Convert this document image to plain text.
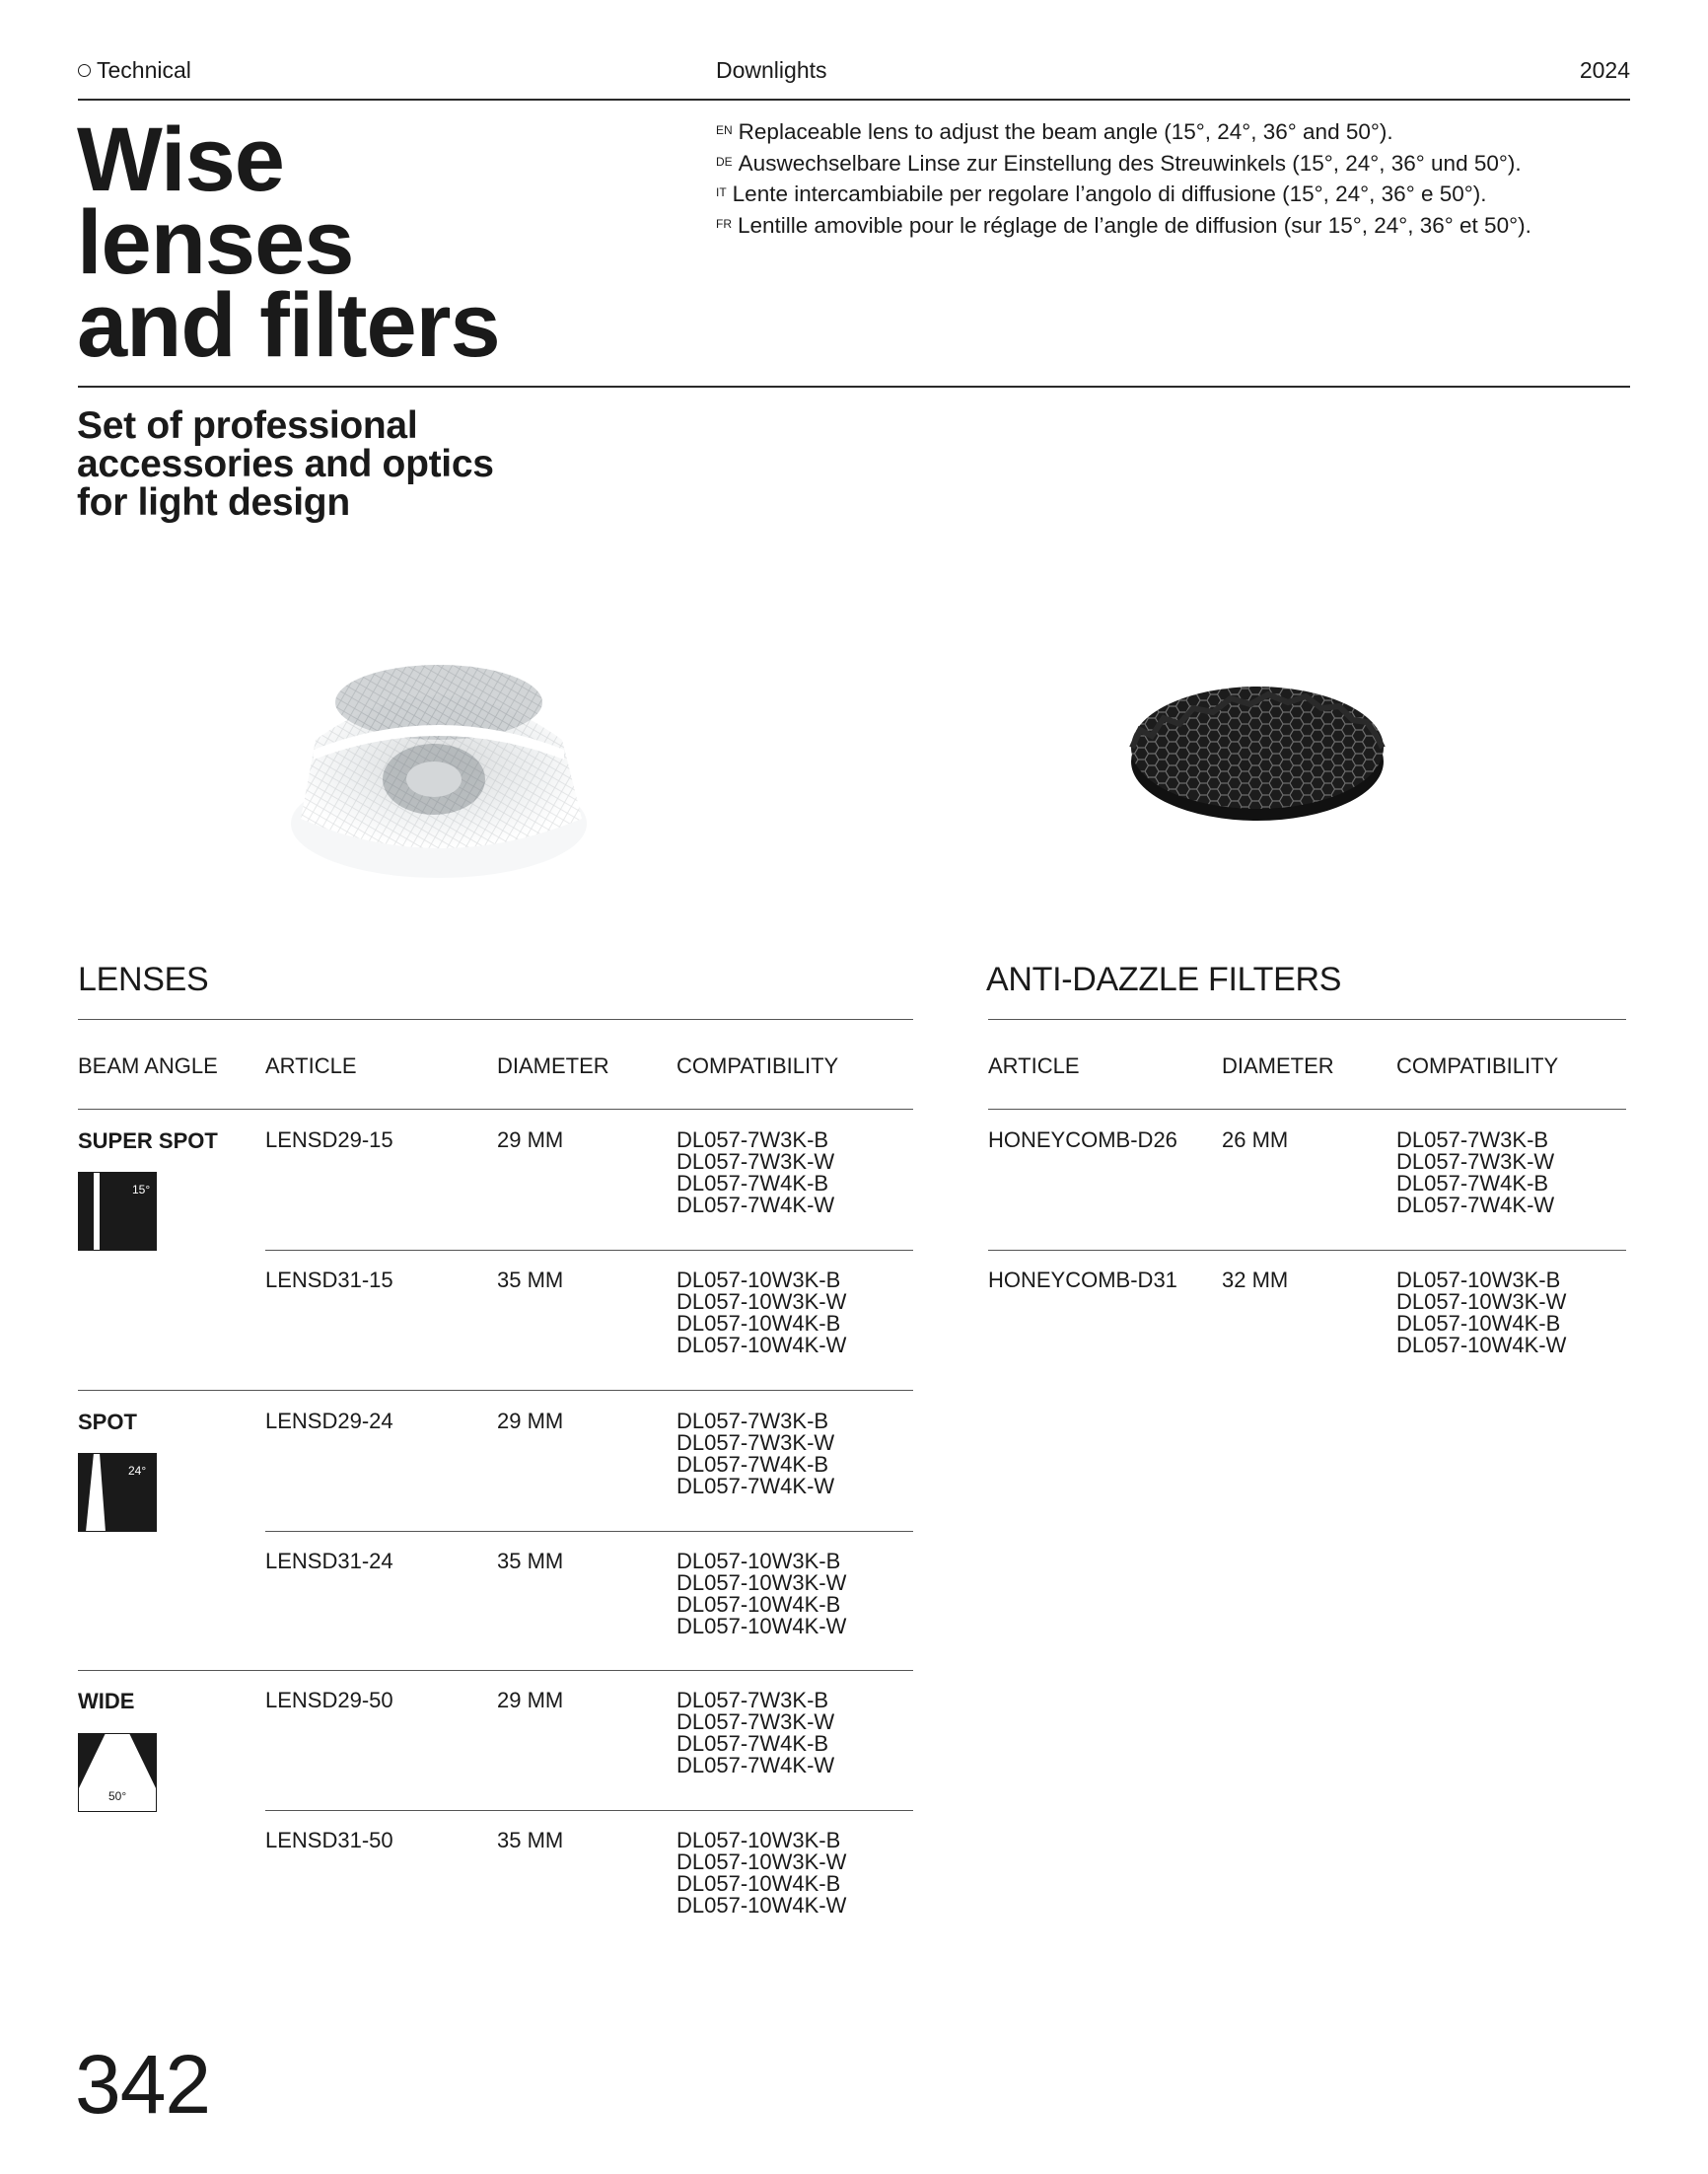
Technical	Downlights	2024
Wise
lenses
and filters
$^{EN}$ Replaceable lens to adjust the beam angle (15°, 24°, 36° and 50°).
$^{DE}$ Auswechselbare Linse zur Einstellung des Streuwinkels (15°, 24°, 36° und 50°).
$^{IT}$ Lente intercambiabile per regolare l’angolo di diffusione (15°, 24°, 36° e 50°).
$^{FR}$ Lentille amovible pour le réglage de l’angle de diffusion (sur 15°, 24°, 36° et 50°).
Set of professional
accessories and optics
for light design
LENSES
BEAM ANGLE ARTICLE	DIAMETER	COMPATIBILITY
SUPER SPOT
15°
LENSD29-15	29 MM	DL057-7W3K-B
DL057-7W3K-W
DL057-7W4K-B
DL057-7W4K-W
LENSD31-15	35 MM	DL057-10W3K-B
DL057-10W3K-W
DL057-10W4K-B
DL057-10W4K-W
SPOT
24°
LENSD29-24	29 MM	DL057-7W3K-B
DL057-7W3K-W
DL057-7W4K-B
DL057-7W4K-W
LENSD31-24	35 MM	DL057-10W3K-B
DL057-10W3K-W
DL057-10W4K-B
DL057-10W4K-W
WIDE
50°
LENSD29-50	29 MM	DL057-7W3K-B
DL057-7W3K-W
DL057-7W4K-B
DL057-7W4K-W
LENSD31-50	35 MM	DL057-10W3K-B
DL057-10W3K-W
DL057-10W4K-B
DL057-10W4K-W
ANTI-DAZZLE FILTERS
ARTICLE	DIAMETER	COMPATIBILITY
HONEYCOMB-D26 26 MM	DL057-7W3K-B
DL057-7W3K-W
DL057-7W4K-B
DL057-7W4K-W
HONEYCOMB-D31 32 MM	DL057-10W3K-B
DL057-10W3K-W
DL057-10W4K-B
DL057-10W4K-W
342
